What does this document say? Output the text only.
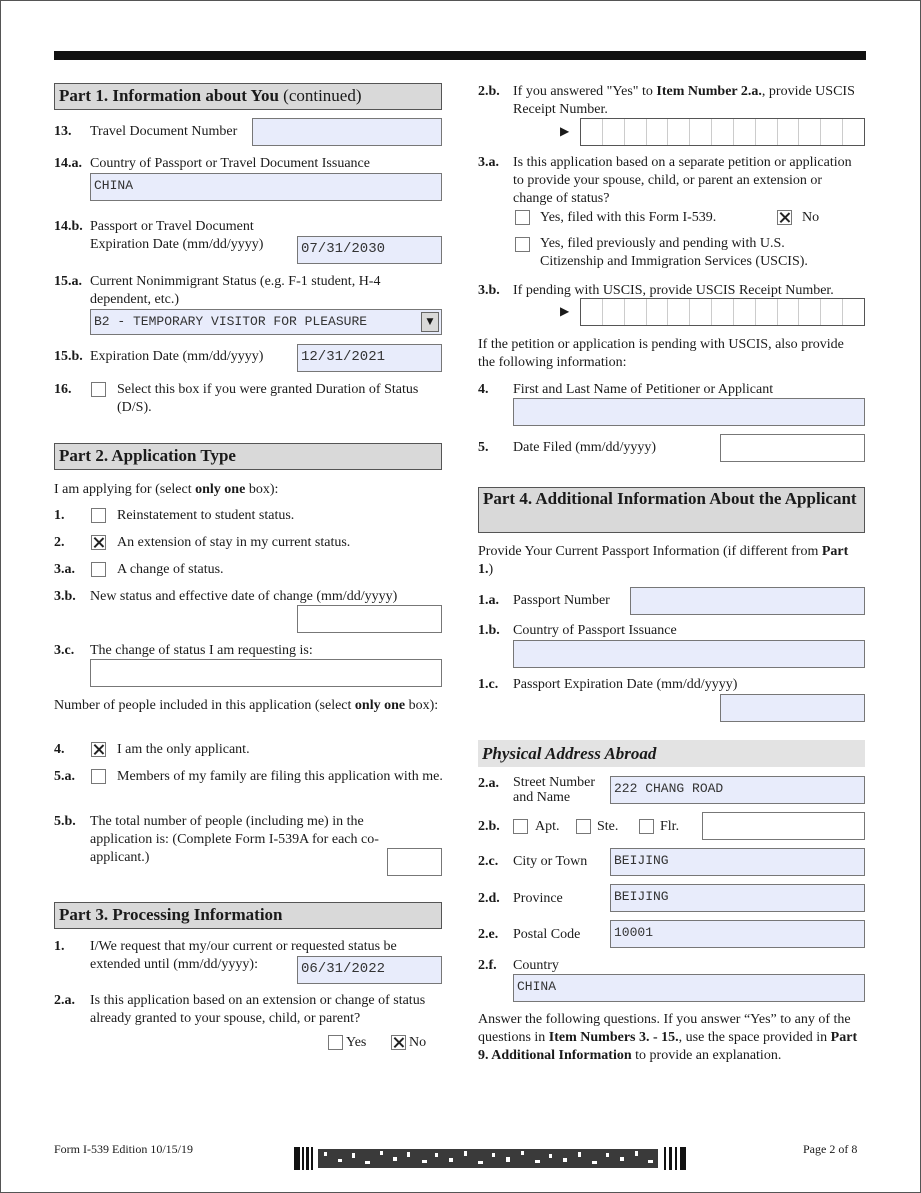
Part 1. Information about You (continued)
13. Travel Document Number
14.a. Country of Passport or Travel Document Issuance
CHINA
14.b. Passport or Travel Document Expiration Date (mm/dd/yyyy)	07/31/2030
15.a. Current Nonimmigrant Status (e.g. F-1 student, H-4 dependent, etc.)
B2 - TEMPORARY VISITOR FOR PLEASURE	▼
15.b. Expiration Date (mm/dd/yyyy)	12/31/2021
16.	Select this box if you were granted Duration of Status (D/S).
Part 2. Application Type
I am applying for (select only one box):
1.	Reinstatement to student status.
2.	An extension of stay in my current status.
3.a.	A change of status.
3.b. New status and effective date of change (mm/dd/yyyy)
3.c. The change of status I am requesting is:
Number of people included in this application (select only one box):
4.	I am the only applicant.
5.a.	Members of my family are filing this application with me.
5.b. The total number of people (including me) in the application is: (Complete Form I-539A for each co-applicant.)
Part 3. Processing Information
1. I/We request that my/our current or requested status be extended until (mm/dd/yyyy):	06/31/2022
2.a. Is this application based on an extension or change of status already granted to your spouse, child, or parent?
Yes	No
2.b. If you answered "Yes" to Item Number 2.a., provide USCIS Receipt Number.
▶
3.a. Is this application based on a separate petition or application to provide your spouse, child, or parent an extension or change of status?
Yes, filed with this Form I-539.	No
Yes, filed previously and pending with U.S. Citizenship and Immigration Services (USCIS).
3.b. If pending with USCIS, provide USCIS Receipt Number.
▶
If the petition or application is pending with USCIS, also provide the following information:
4. First and Last Name of Petitioner or Applicant
5. Date Filed (mm/dd/yyyy)
Part 4. Additional Information About the Applicant
Provide Your Current Passport Information (if different from Part 1.)
1.a. Passport Number
1.b. Country of Passport Issuance
1.c. Passport Expiration Date (mm/dd/yyyy)
Physical Address Abroad
2.a. Street Number and Name
222 CHANG ROAD
2.b.	Apt.	Ste.	Flr.
2.c. City or Town	BEIJING
2.d. Province	BEIJING
2.e. Postal Code	10001
2.f. Country
CHINA
Answer the following questions. If you answer “Yes” to any of the questions in Item Numbers 3. - 15., use the space provided in Part 9. Additional Information to provide an explanation.
Form I-539 Edition 10/15/19	Page 2 of 8
